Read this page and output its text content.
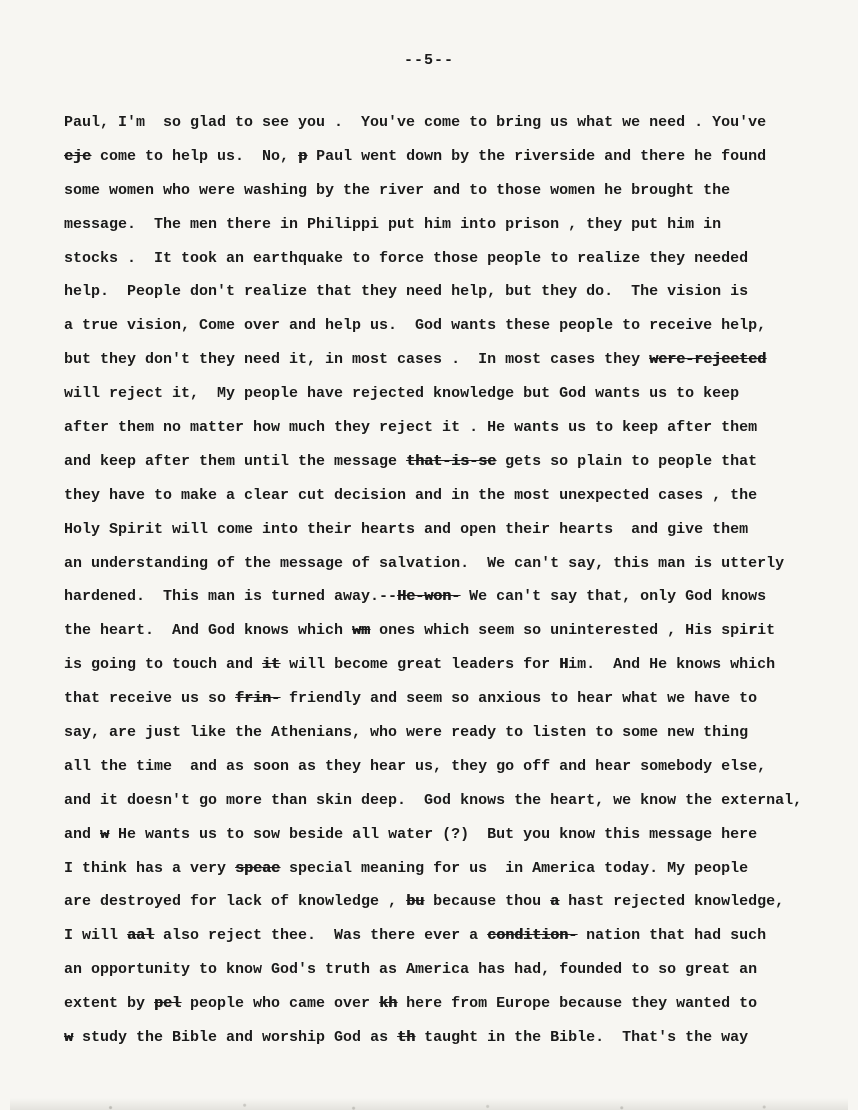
--5--
Paul, I'm  so glad to see you .  You've come to bring us what we need . You've
eje come to help us.  No, p Paul went down by the riverside and there he found
some women who were washing by the river and to those women he brought the
message.  The men there in Philippi put him into prison , they put him in
stocks .  It took an earthquake to force those people to realize they needed
help.  People don't realize that they need help, but they do.  The vision is
a true vision, Come over and help us.  God wants these people to receive help,
but they don't they need it, in most cases .  In most cases they were-rejeeted
will reject it,  My people have rejected knowledge but God wants us to keep
after them no matter how much they reject it . He wants us to keep after them
and keep after them until the message that-is-se gets so plain to people that
they have to make a clear cut decision and in the most unexpected cases , the
Holy Spirit will come into their hearts and open their hearts  and give them
an understanding of the message of salvation.  We can't say, this man is utterly
hardened.  This man is turned away.--He-won- We can't say that, only God knows
the heart.  And God knows which wm ones which seem so uninterested , His spirit
is going to touch and it will become great leaders for Him.  And He knows which
that receive us so frin- friendly and seem so anxious to hear what we have to
say, are just like the Athenians, who were ready to listen to some new thing
all the time  and as soon as they hear us, they go off and hear somebody else,
and it doesn't go more than skin deep.  God knows the heart, we know the external,
and w He wants us to sow beside all water (?)  But you know this message here
I think has a very speae special meaning for us  in America today. My people
are destroyed for lack of knowledge , bu because thou a hast rejected knowledge,
I will aal also reject thee.  Was there ever a condition- nation that had such
an opportunity to know God's truth as America has had, founded to so great an
extent by pel people who came over kh here from Europe because they wanted to
w study the Bible and worship God as th taught in the Bible.  That's the way
